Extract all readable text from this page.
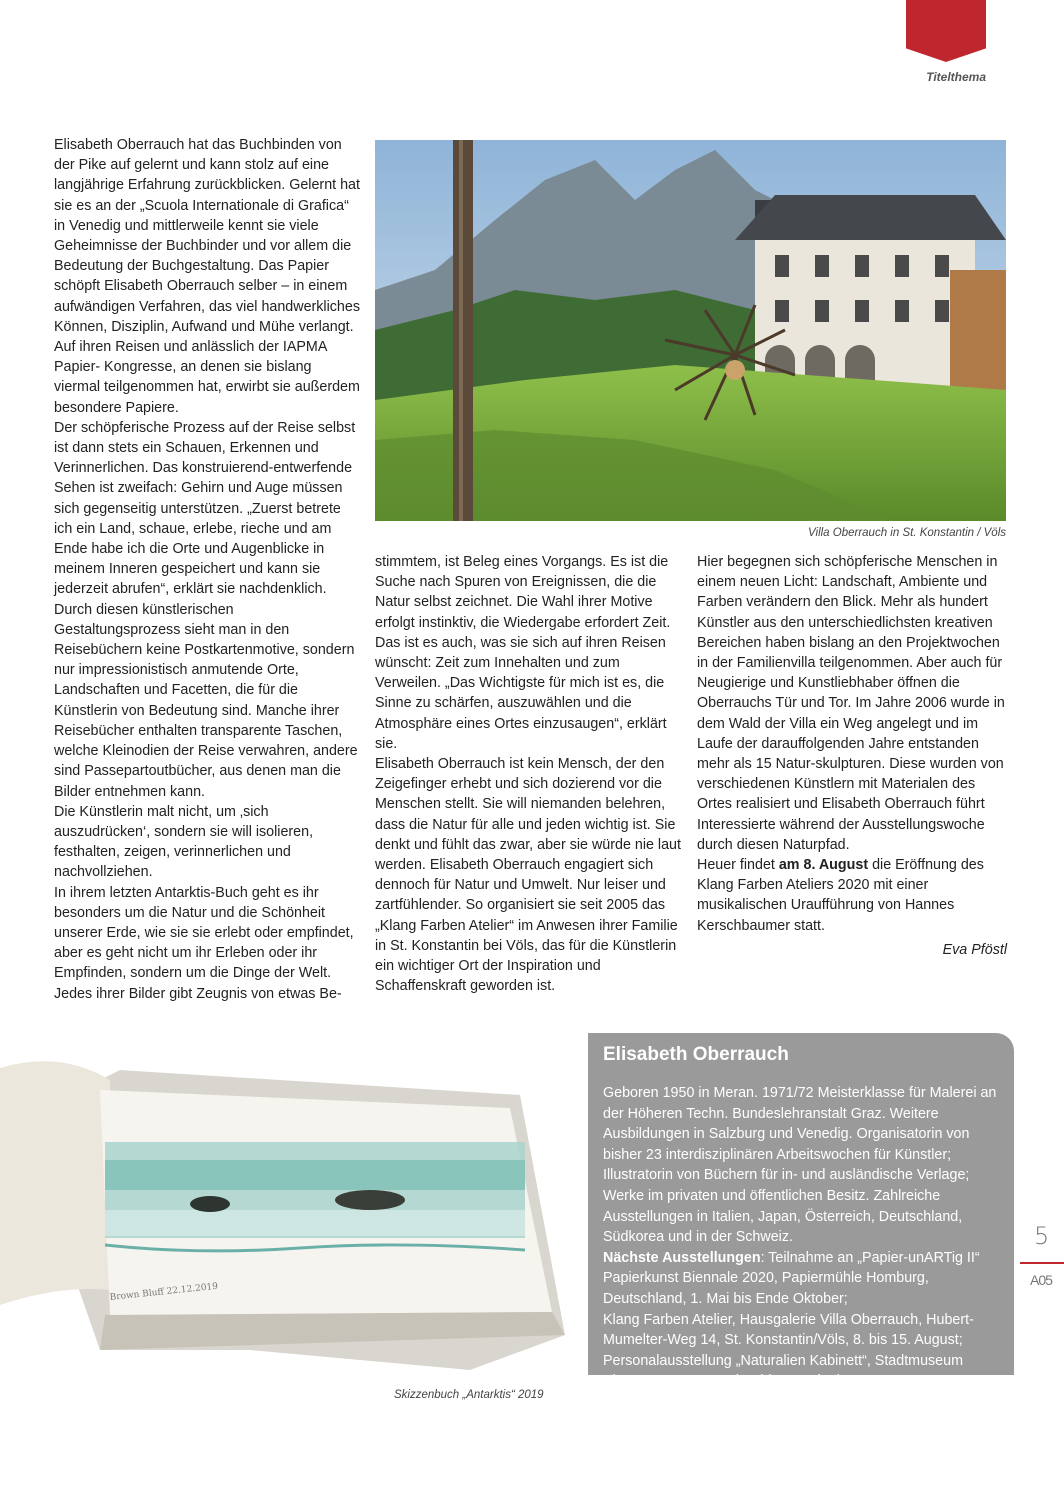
Titelthema

Elisabeth Oberrauch hat das Buchbinden von der Pike auf gelernt und kann stolz auf eine langjährige Erfahrung zurückblicken. Gelernt hat sie es an der „Scuola Internationale di Grafica“ in Venedig und mittlerweile kennt sie viele Geheimnisse der Buchbinder und vor allem die Bedeutung der Buchgestaltung. Das Papier schöpft Elisabeth Oberrauch selber – in einem aufwändigen Verfahren, das viel handwerkliches Können, Disziplin, Aufwand und Mühe verlangt. Auf ihren Reisen und anlässlich der IAPMA Papier- Kongresse, an denen sie bislang viermal teilgenommen hat, erwirbt sie außerdem besondere Papiere.

Der schöpferische Prozess auf der Reise selbst ist dann stets ein Schauen, Erkennen und Verinnerlichen. Das konstruierend-entwerfende Sehen ist zweifach: Gehirn und Auge müssen sich gegenseitig unterstützen. „Zuerst betrete ich ein Land, schaue, erlebe, rieche und am Ende habe ich die Orte und Augenblicke in meinem Inneren gespeichert und kann sie jederzeit abrufen“, erklärt sie nachdenklich. Durch diesen künstlerischen Gestaltungsprozess sieht man in den Reisebüchern keine Postkartenmotive, sondern nur impressionistisch anmutende Orte, Landschaften und Facetten, die für die Künstlerin von Bedeutung sind. Manche ihrer Reisebücher enthalten transparente Taschen, welche Kleinodien der Reise verwahren, andere sind Passepartoutbücher, aus denen man die Bilder entnehmen kann.

Die Künstlerin malt nicht, um ‚sich auszudrücken‘, sondern sie will isolieren, festhalten, zeigen, verinnerlichen und nachvollziehen.

In ihrem letzten Antarktis-Buch geht es ihr besonders um die Natur und die Schönheit unserer Erde, wie sie sie erlebt oder empfindet, aber es geht nicht um ihr Erleben oder ihr Empfinden, sondern um die Dinge der Welt. Jedes ihrer Bilder gibt Zeugnis von etwas Be-

Villa Oberrauch in St. Konstantin / Völs

stimmtem, ist Beleg eines Vorgangs. Es ist die Suche nach Spuren von Ereignissen, die die Natur selbst zeichnet. Die Wahl ihrer Motive erfolgt instinktiv, die Wiedergabe erfordert Zeit. Das ist es auch, was sie sich auf ihren Reisen wünscht: Zeit zum Innehalten und zum Verweilen. „Das Wichtigste für mich ist es, die Sinne zu schärfen, auszuwählen und die Atmosphäre eines Ortes einzusaugen“, erklärt sie.

Elisabeth Oberrauch ist kein Mensch, der den Zeigefinger erhebt und sich dozierend vor die Menschen stellt. Sie will niemanden belehren, dass die Natur für alle und jeden wichtig ist. Sie denkt und fühlt das zwar, aber sie würde nie laut werden. Elisabeth Oberrauch engagiert sich dennoch für Natur und Umwelt. Nur leiser und zartfühlender. So organisiert sie seit 2005 das „Klang Farben Atelier“ im Anwesen ihrer Familie in St. Konstantin bei Völs, das für die Künstlerin ein wichtiger Ort der Inspiration und Schaffenskraft geworden ist.

Hier begegnen sich schöpferische Menschen in einem neuen Licht: Landschaft, Ambiente und Farben verändern den Blick. Mehr als hundert Künstler aus den unterschiedlichsten kreativen Bereichen haben bislang an den Projektwochen in der Familienvilla teilgenommen. Aber auch für Neugierige und Kunstliebhaber öffnen die Oberrauchs Tür und Tor. Im Jahre 2006 wurde in dem Wald der Villa ein Weg angelegt und im Laufe der darauffolgenden Jahre entstanden mehr als 15 Natur-skulpturen. Diese wurden von verschiedenen Künstlern mit Materialen des Ortes realisiert und Elisabeth Oberrauch führt Interessierte während der Ausstellungswoche durch diesen Naturpfad.

Heuer findet am 8. August die Eröffnung des Klang Farben Ateliers 2020 mit einer musikalischen Uraufführung von Hannes Kerschbaumer statt.

Eva Pföstl

Brown Bluff 22.12.2019
Skizzenbuch „Antarktis“ 2019
Elisabeth Oberrauch

Geboren 1950 in Meran. 1971/72 Meisterklasse für Malerei an der Höheren Techn. Bundeslehranstalt Graz. Weitere Ausbildungen in Salzburg und Venedig. Organisatorin von bisher 23 interdisziplinären Arbeitswochen für Künstler; Illustratorin von Büchern für in- und ausländische Verlage; Werke im privaten und öffentlichen Besitz. Zahlreiche Ausstellungen in Italien, Japan, Österreich, Deutschland, Südkorea und in der Schweiz.

Nächste Ausstellungen: Teilnahme an „Papier-unARTig II“ Papierkunst Biennale 2020, Papiermühle Homburg, Deutschland, 1. Mai bis Ende Oktober;

Klang Farben Atelier, Hausgalerie Villa Oberrauch, Hubert-Mumelter-Weg 14, St. Konstantin/Völs, 8. bis 15. August;

Personalausstellung „Naturalien Kabinett“, Stadtmuseum Klausen, 25. September bis 31. Oktober

5
A05
